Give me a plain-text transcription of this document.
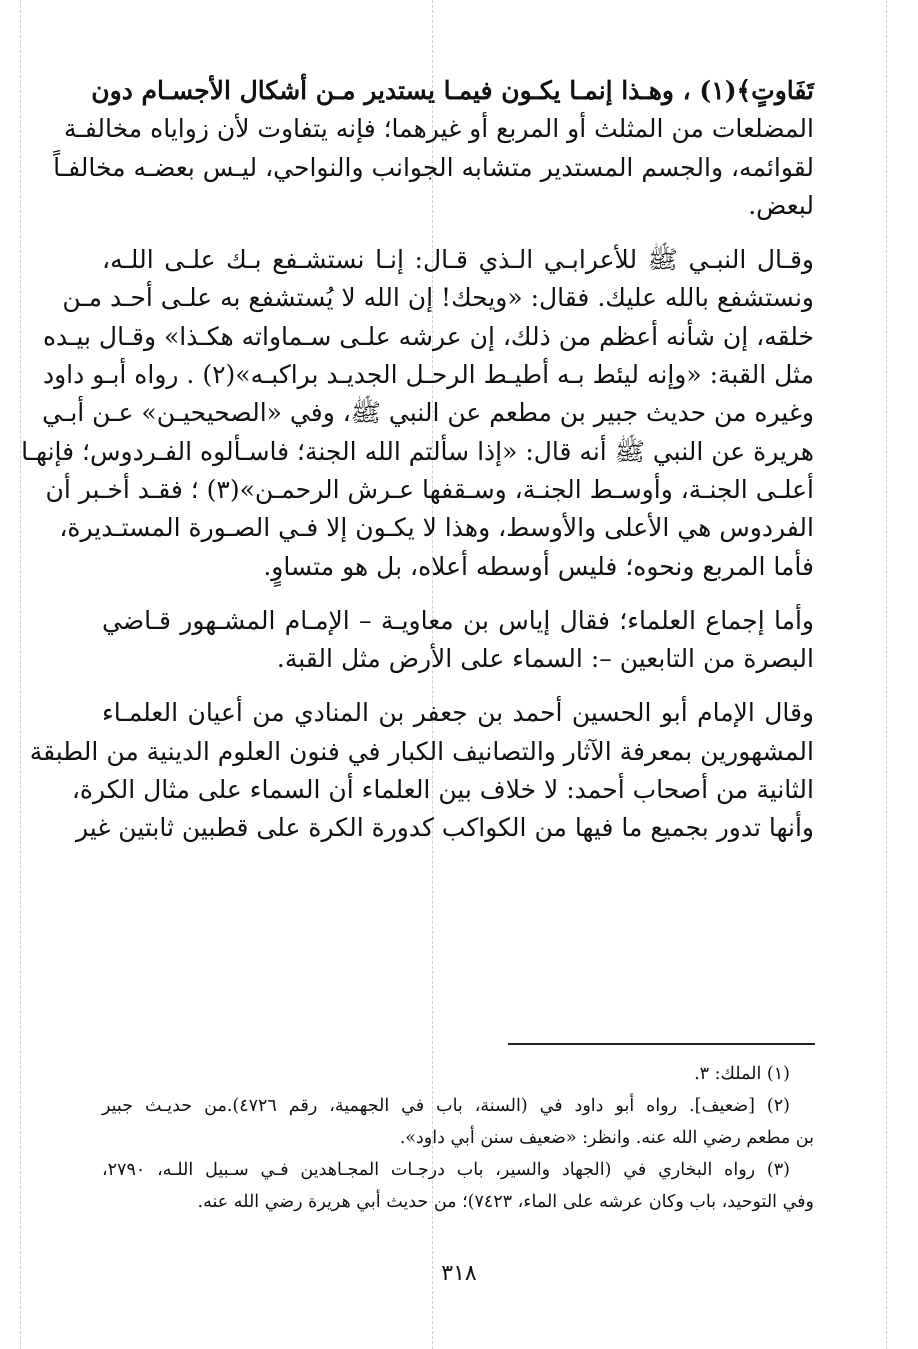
تَفَاوتٍ﴾(١) ، وهـذا إنمـا يكـون فيمـا يستدير مـن أشكال الأجسـام دون
المضلعات من المثلث أو المربع أو غيرهما؛ فإنه يتفاوت لأن زواياه مخالفـة
لقوائمه، والجسم المستدير متشابه الجوانب والنواحي، ليـس بعضـه مخالفـاً
لبعض.
وقـال النبـي ﷺ للأعرابـي الـذي قـال: إنـا نستشـفع بـك علـى اللـه،
ونستشفع بالله عليك. فقال: «ويحك! إن الله لا يُستشفع به علـى أحـد مـن
خلقه، إن شأنه أعظم من ذلك، إن عرشه علـى سـماواته هكـذا» وقـال بيـده
مثل القبة: «وإنه ليئط بـه أطيـط الرحـل الجديـد براكبـه»(٢) . رواه أبـو داود
وغيره من حديث جبير بن مطعم عن النبي ﷺ، وفي «الصحيحيـن» عـن أبـي
هريرة عن النبي ﷺ أنه قال: «إذا سألتم الله الجنة؛ فاسـألوه الفـردوس؛ فإنهـا
أعلـى الجنـة، وأوسـط الجنـة، وسـقفها عـرش الرحمـن»(٣) ؛ فقـد أخـبر أن
الفردوس هي الأعلى والأوسط، وهذا لا يكـون إلا فـي الصـورة المستـديرة،
فأما المربع ونحوه؛ فليس أوسطه أعلاه، بل هو متساوٍ.
وأما إجماع العلماء؛ فقال إياس بن معاويـة – الإمـام المشـهور قـاضي
البصرة من التابعين –: السماء على الأرض مثل القبة.
وقال الإمام أبو الحسين أحمد بن جعفر بن المنادي من أعيان العلمـاء
المشهورين بمعرفة الآثار والتصانيف الكبار في فنون العلوم الدينية من الطبقة
الثانية من أصحاب أحمد: لا خلاف بين العلماء أن السماء على مثال الكرة،
وأنها تدور بجميع ما فيها من الكواكب كدورة الكرة على قطبين ثابتين غير
(١) الملك: ٣.
(٢) [ضعيف]. رواه أبو داود في (السنة، باب في الجهمية، رقم ٤٧٢٦).من حديـث جبير
بن مطعم رضي الله عنه. وانظر: «ضعيف سنن أبي داود».
(٣) رواه البخاري في (الجهاد والسير، باب درجـات المجـاهدين فـي سـبيل اللـه، ٢٧٩٠،
وفي التوحيد، باب وكان عرشه على الماء، ٧٤٢٣)؛ من حديث أبي هريرة رضي الله عنه.
٣١٨
